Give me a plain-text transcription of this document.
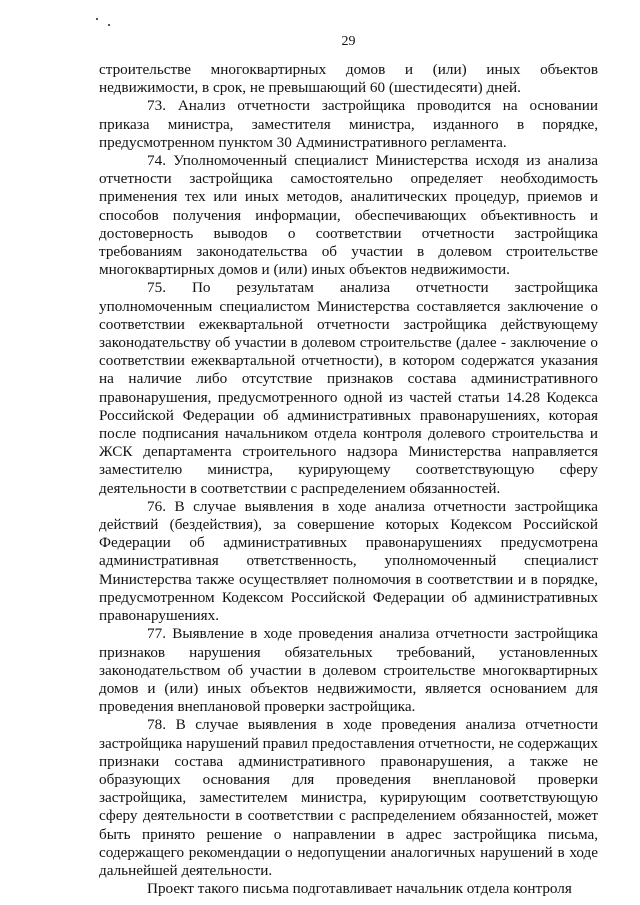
29

строительстве многоквартирных домов и (или) иных объектов недвижимости, в срок, не превышающий 60 (шестидесяти) дней.

73. Анализ отчетности застройщика проводится на основании приказа министра, заместителя министра, изданного в порядке, предусмотренном пунктом 30 Административного регламента.

74. Уполномоченный специалист Министерства исходя из анализа отчетности застройщика самостоятельно определяет необходимость применения тех или иных методов, аналитических процедур, приемов и способов получения информации, обеспечивающих объективность и достоверность выводов о соответствии отчетности застройщика требованиям законодательства об участии в долевом строительстве многоквартирных домов и (или) иных объектов недвижимости.

75. По результатам анализа отчетности застройщика уполномоченным специалистом Министерства составляется заключение о соответствии ежеквартальной отчетности застройщика действующему законодательству об участии в долевом строительстве (далее - заключение о соответствии ежеквартальной отчетности), в котором содержатся указания на наличие либо отсутствие признаков состава административного правонарушения, предусмотренного одной из частей статьи 14.28 Кодекса Российской Федерации об административных правонарушениях, которая после подписания начальником отдела контроля долевого строительства и ЖСК департамента строительного надзора Министерства направляется заместителю министра, курирующему соответствующую сферу деятельности в соответствии с распределением обязанностей.

76. В случае выявления в ходе анализа отчетности застройщика действий (бездействия), за совершение которых Кодексом Российской Федерации об административных правонарушениях предусмотрена административная ответственность, уполномоченный специалист Министерства также осуществляет полномочия в соответствии и в порядке, предусмотренном Кодексом Российской Федерации об административных правонарушениях.

77. Выявление в ходе проведения анализа отчетности застройщика признаков нарушения обязательных требований, установленных законодательством об участии в долевом строительстве многоквартирных домов и (или) иных объектов недвижимости, является основанием для проведения внеплановой проверки застройщика.

78. В случае выявления в ходе проведения анализа отчетности застройщика нарушений правил предоставления отчетности, не содержащих признаки состава административного правонарушения, а также не образующих основания для проведения внеплановой проверки застройщика, заместителем министра, курирующим соответствующую сферу деятельности в соответствии с распределением обязанностей, может быть принято решение о направлении в адрес застройщика письма, содержащего рекомендации о недопущении аналогичных нарушений в ходе дальнейшей деятельности.

Проект такого письма подготавливает начальник отдела контроля
